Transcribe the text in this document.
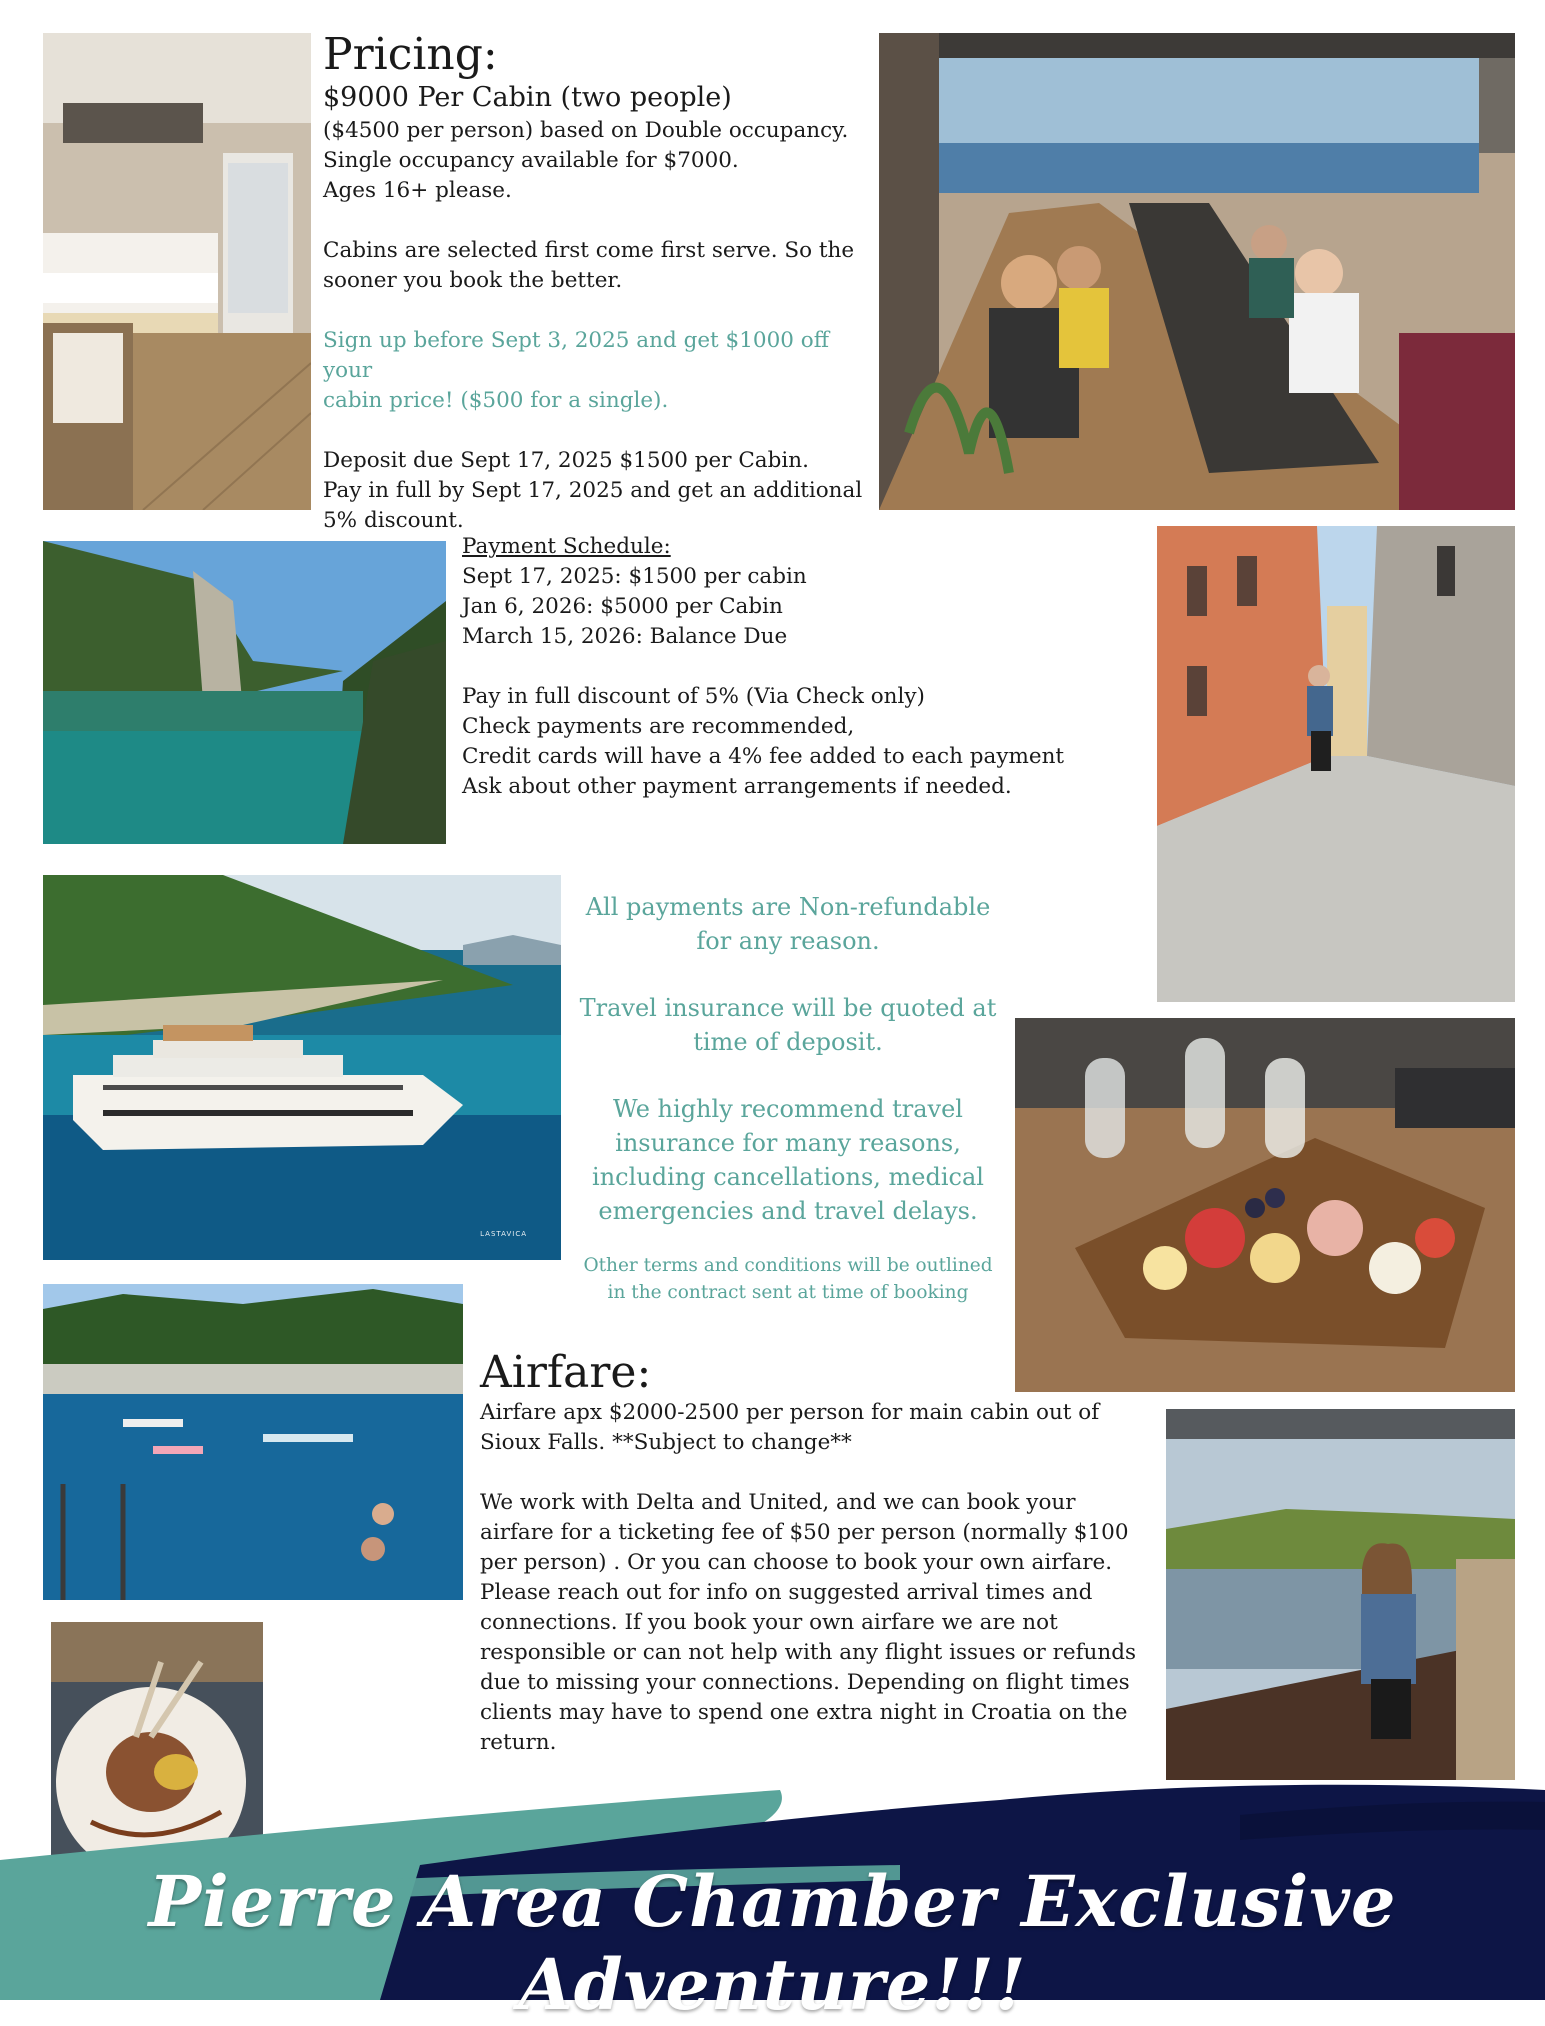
LASTAVICA
Pricing:
$9000 Per Cabin (two people)

($4500 per person) based on Double occupancy.

Single occupancy available for $7000.

Ages 16+ please.

Cabins are selected first come first serve. So the

sooner you book the better.

Sign up before Sept 3, 2025 and get $1000 off your

cabin price! ($500 for a single).

Deposit due Sept 17, 2025 $1500 per Cabin.

Pay in full by Sept 17, 2025 and get an additional

5% discount.

Payment Schedule:

Sept 17, 2025: $1500 per cabin

Jan 6, 2026: $5000 per Cabin

March 15, 2026: Balance Due

Pay in full discount of 5% (Via Check only)

Check payments are recommended,

Credit cards will have a 4% fee added to each payment

Ask about other payment arrangements if needed.

All payments are Non-refundable

for any reason.

Travel insurance will be quoted at

time of deposit.

We highly recommend travel

insurance for many reasons,

including cancellations, medical

emergencies and travel delays.

Other terms and conditions will be outlined

in the contract sent at time of booking

Airfare:

Airfare apx $2000-2500 per person for main cabin out of

Sioux Falls. **Subject to change**

We work with Delta and United, and we can book your

airfare for a ticketing fee of $50 per person (normally $100

per person) . Or you can choose to book your own airfare.

Please reach out for info on suggested arrival times and

connections. If you book your own airfare we are not

responsible or can not help with any flight issues or refunds

due to missing your connections. Depending on flight times

clients may have to spend one extra night in Croatia on the

return.

Pierre Area Chamber Exclusive Adventure!!!
